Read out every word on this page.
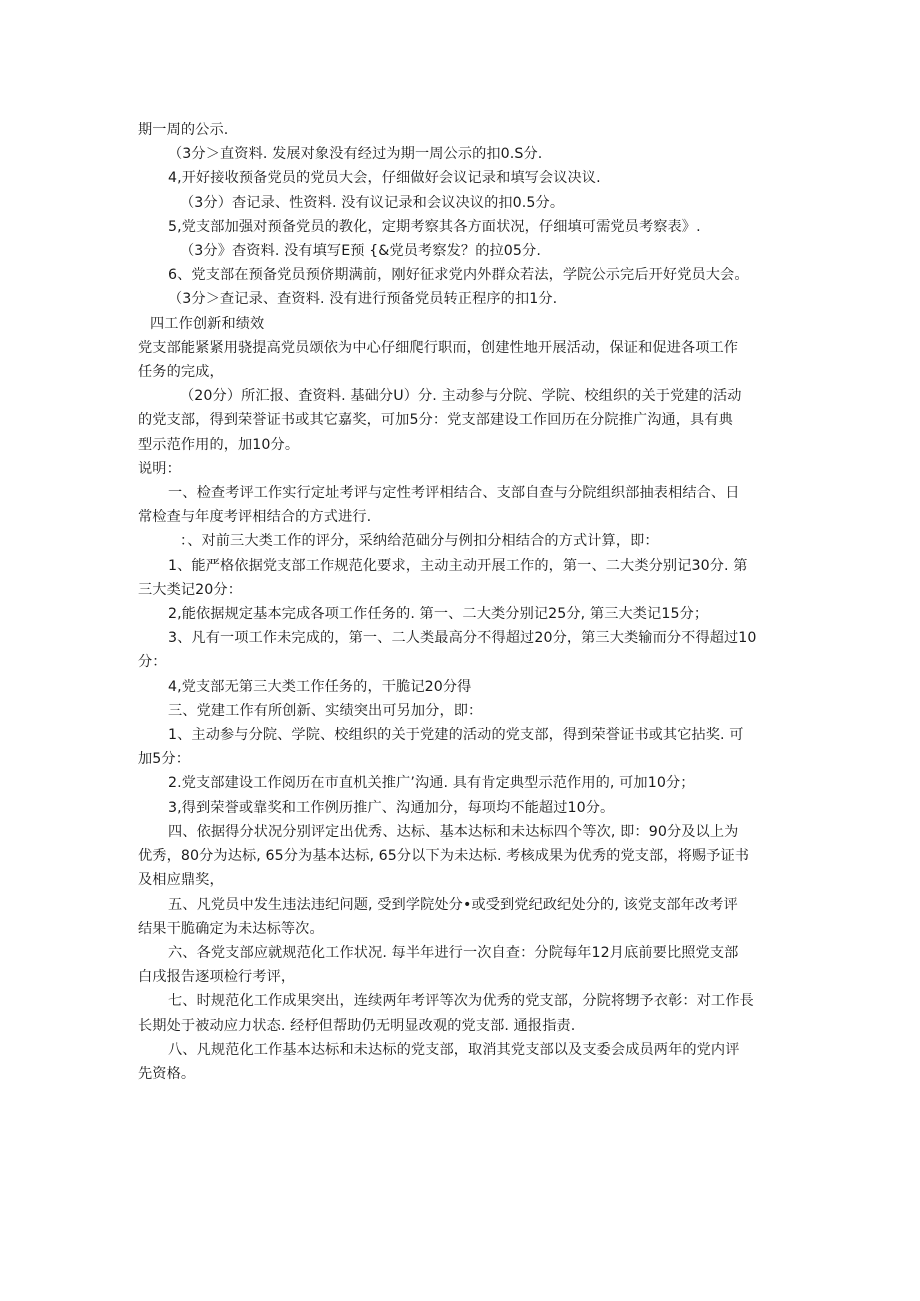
期一周的公示.
（3分＞直资料. 发展对象没有经过为期一周公示的扣0.S分.
4,开好接收预备党员的党员大会，仔细做好会议记录和填写会议决议.
（3分）杳记录、性资料. 没有议记录和会议决议的扣0.5分。
5,党支部加强对预备党员的教化，定期考察其各方面状况，仔细填可需党员考察表》.
（3分》杳资料. 没有填写E预 {&党员考察发？的拉05分.
6、党支部在预备党员预侪期满前，刚好征求党内外群众若法，学院公示完后开好党员大会。
（3分＞查记录、查资料. 没有进行预备党员转正程序的扣1分.
四工作创新和绩效
党支部能紧紧用骁提高党员颂依为中心仔细爬行职而，创建性地开展活动，保证和促进各项工作
任务的完成，
（20分）所汇报、査资料. 基础分U）分. 主动参与分院、学院、校组织的关于党建的活动
的党支部，得到荣誉证书或其它嘉奖，可加5分：党支部建设工作回历在分院推广沟通，具有典
型示范作用的，加10分。
说明：
一、检查考评工作实行定址考评与定性考评相结合、支部自查与分院组织部抽表相结合、日
常检查与年度考评相结合的方式进行.
：、对前三大类工作的评分，采纳给范础分与例扣分相结合的方式计算，即：
1、能严格依据党支部工作规范化要求，主动主动开展工作的，第一、二大类分别记30分. 第
三大类记20分：
2,能依据规定基本完成各项工作任务的. 第一、二大类分别记25分, 第三大类记15分；
3、凡有一项工作未完成的，第一、二人类最高分不得超过20分，第三大类输而分不得超过10
分：
4,党支部无第三大类工作任务的，干脆记20分得
三、党建工作有所创新、实绩突出可另加分，即：
1、主动参与分院、学院、校组织的关于党建的活动的党支部，得到荣誉证书或其它拈奖. 可
加5分：
2.党支部建设工作阅历在市直机关推广’沟通. 具有肯定典型示范作用的, 可加10分；
3,得到荣誉或靠奖和工作例历推广、沟通加分，每项均不能超过10分。
四、依据得分状况分别评定出优秀、达标、基本达标和未达标四个等次, 即：90分及以上为
优秀，80分为达标, 65分为基本达标, 65分以下为未达标. 考核成果为优秀的党支部，将赐予证书
及相应鼎奖，
五、凡党员中发生违法违纪问题, 受到学院处分•或受到党纪政纪处分的, 该党支部年改考评
结果干脆确定为未达标等次。
六、各党支部应就规范化工作状况. 每半年进行一次自查：分院每年12月底前要比照党支部
白戌报告逐项检行考评，
七、时规范化工作成果突出，连续两年考评等次为优秀的党支部，分院将甥予衣彰：对工作長
长期处于被动应力状态. 经杼但帮助仍无明显改观的党支部. 通报指责.
八、凡规范化工作基本达标和未达标的党支部，取消其党支部以及支委会成员两年的党内评
先资格。
